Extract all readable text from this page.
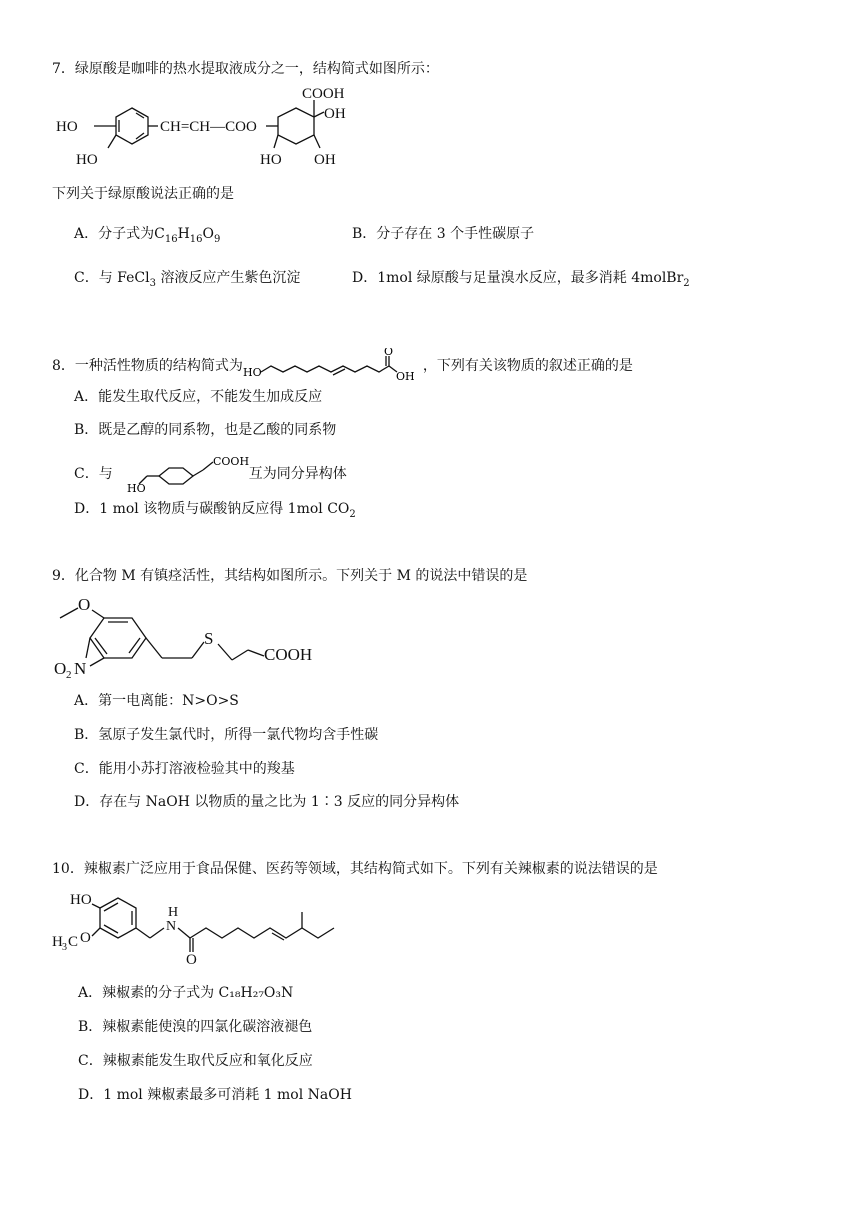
7．绿原酸是咖啡的热水提取液成分之一，结构简式如图所示：
HO
HO
CH=CH—COO
COOH
OH
HO OH
下列关于绿原酸说法正确的是
A．分子式为$C_{16}H_{16}O_9$	B．分子存在 3 个手性碳原子
C．与 FeCl$_3$ 溶液反应产生紫色沉淀	D．1mol 绿原酸与足量溴水反应，最多消耗 4molBr$_2$
8．一种活性物质的结构简式为 HO
O
OH
，下列有关该物质的叙述正确的是
A．能发生取代反应，不能发生加成反应
B．既是乙醇的同系物，也是乙酸的同系物
C．与
HO
COOH
互为同分异构体
D．1 mol 该物质与碳酸钠反应得 1mol $CO_2$
9．化合物 M 有镇痉活性，其结构如图所示。下列关于 M 的说法中错误的是
O
O 2 N
S
COOH
A．第一电离能：N>O>S
B．氢原子发生氯代时，所得一氯代物均含手性碳
C．能用小苏打溶液检验其中的羧基
D．存在与 NaOH 以物质的量之比为 1∶3 反应的同分异构体
10．辣椒素广泛应用于食品保健、医药等领域，其结构简式如下。下列有关辣椒素的说法错误的是
HO
H 3 C O
H
N
O
A．辣椒素的分子式为 C₁₈H₂₇O₃N
B．辣椒素能使溴的四氯化碳溶液褪色
C．辣椒素能发生取代反应和氧化反应
D．1 mol 辣椒素最多可消耗 1 mol NaOH
